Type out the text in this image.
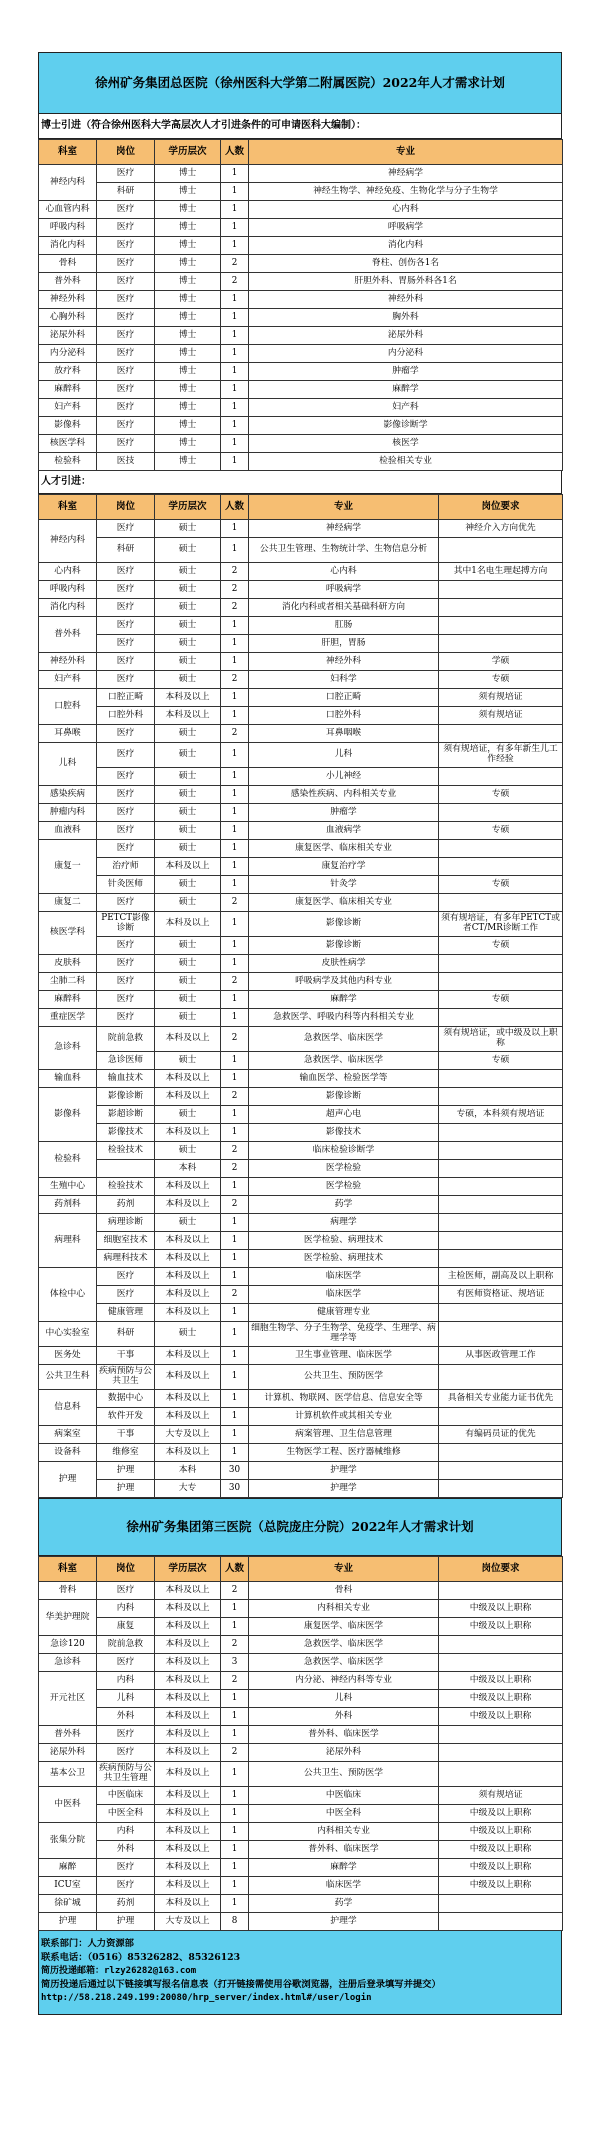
徐州矿务集团总医院（徐州医科大学第二附属医院）2022年人才需求计划
博士引进（符合徐州医科大学高层次人才引进条件的可申请医科大编制）：
科室	岗位	学历层次	人数	专业
神经内科	医疗	博士	1	神经病学
	科研	博士	1	神经生物学、神经免疫、生物化学与分子生物学
心血管内科	医疗	博士	1	心内科
呼吸内科	医疗	博士	1	呼吸病学
消化内科	医疗	博士	1	消化内科
骨科	医疗	博士	2	脊柱、创伤各1名
普外科	医疗	博士	2	肝胆外科、胃肠外科各1名
神经外科	医疗	博士	1	神经外科
心胸外科	医疗	博士	1	胸外科
泌尿外科	医疗	博士	1	泌尿外科
内分泌科	医疗	博士	1	内分泌科
放疗科	医疗	博士	1	肿瘤学
麻醉科	医疗	博士	1	麻醉学
妇产科	医疗	博士	1	妇产科
影像科	医疗	博士	1	影像诊断学
核医学科	医疗	博士	1	核医学
检验科	医技	博士	1	检验相关专业
人才引进：
科室	岗位	学历层次	人数	专业	岗位要求
神经内科	医疗	硕士	1	神经病学	神经介入方向优先
	科研	硕士	1	公共卫生管理、生物统计学、生物信息分析	
心内科	医疗	硕士	2	心内科	其中1名电生理起搏方向
呼吸内科	医疗	硕士	2	呼吸病学	
消化内科	医疗	硕士	2	消化内科或者相关基础科研方向	
普外科	医疗	硕士	1	肛肠	
	医疗	硕士	1	肝胆，胃肠	
神经外科	医疗	硕士	1	神经外科	学硕
妇产科	医疗	硕士	2	妇科学	专硕
口腔科	口腔正畸	本科及以上	1	口腔正畸	须有规培证
	口腔外科	本科及以上	1	口腔外科	须有规培证
耳鼻喉	医疗	硕士	2	耳鼻咽喉	
儿科	医疗	硕士	1	儿科	须有规培证，有多年新生儿工作经验
	医疗	硕士	1	小儿神经	
感染疾病	医疗	硕士	1	感染性疾病、内科相关专业	专硕
肿瘤内科	医疗	硕士	1	肿瘤学	
血液科	医疗	硕士	1	血液病学	专硕
康复一	医疗	硕士	1	康复医学、临床相关专业	
	治疗师	本科及以上	1	康复治疗学	
	针灸医师	硕士	1	针灸学	专硕
康复二	医疗	硕士	2	康复医学、临床相关专业	
核医学科	PETCT影像诊断	本科及以上	1	影像诊断	须有规培证，有多年PETCT或者CT/MR诊断工作
	医疗	硕士	1	影像诊断	专硕
皮肤科	医疗	硕士	1	皮肤性病学	
尘肺二科	医疗	硕士	2	呼吸病学及其他内科专业	
麻醉科	医疗	硕士	1	麻醉学	专硕
重症医学	医疗	硕士	1	急救医学、呼吸内科等内科相关专业	
急诊科	院前急救	本科及以上	2	急救医学、临床医学	须有规培证，或中级及以上职称
	急诊医师	硕士	1	急救医学、临床医学	专硕
输血科	输血技术	本科及以上	1	输血医学、检验医学等	
影像科	影像诊断	本科及以上	2	影像诊断	
	影超诊断	硕士	1	超声心电	专硕，本科须有规培证
	影像技术	本科及以上	1	影像技术	
检验科	检验技术	硕士	2	临床检验诊断学	
		本科	2	医学检验	
生殖中心	检验技术	本科及以上	1	医学检验	
药剂科	药剂	本科及以上	2	药学	
病理科	病理诊断	硕士	1	病理学	
	细胞室技术	本科及以上	1	医学检验、病理技术	
	病理科技术	本科及以上	1	医学检验、病理技术	
体检中心	医疗	本科及以上	1	临床医学	主检医师，副高及以上职称
	医疗	本科及以上	2	临床医学	有医师资格证、规培证
	健康管理	本科及以上	1	健康管理专业	
中心实验室	科研	硕士	1	细胞生物学、分子生物学、免疫学、生理学、病理学等	
医务处	干事	本科及以上	1	卫生事业管理、临床医学	从事医政管理工作
公共卫生科	疾病预防与公共卫生	本科及以上	1	公共卫生、预防医学	
信息科	数据中心	本科及以上	1	计算机、物联网、医学信息、信息安全等	具备相关专业能力证书优先
	软件开发	本科及以上	1	计算机软件或其相关专业	
病案室	干事	大专及以上	1	病案管理、卫生信息管理	有编码员证的优先
设备科	维修室	本科及以上	1	生物医学工程、医疗器械维修	
护理	护理	本科	30	护理学	
	护理	大专	30	护理学	
徐州矿务集团第三医院（总院庞庄分院）2022年人才需求计划
科室	岗位	学历层次	人数	专业	岗位要求
骨科	医疗	本科及以上	2	骨科	
华美护理院	内科	本科及以上	1	内科相关专业	中级及以上职称
	康复	本科及以上	1	康复医学、临床医学	中级及以上职称
急诊120	院前急救	本科及以上	2	急救医学、临床医学	
急诊科	医疗	本科及以上	3	急救医学、临床医学	
开元社区	内科	本科及以上	2	内分泌、神经内科等专业	中级及以上职称
	儿科	本科及以上	1	儿科	中级及以上职称
	外科	本科及以上	1	外科	中级及以上职称
普外科	医疗	本科及以上	1	普外科、临床医学	
泌尿外科	医疗	本科及以上	2	泌尿外科	
基本公卫	疾病预防与公共卫生管理	本科及以上	1	公共卫生、预防医学	
中医科	中医临床	本科及以上	1	中医临床	须有规培证
	中医全科	本科及以上	1	中医全科	中级及以上职称
张集分院	内科	本科及以上	1	内科相关专业	中级及以上职称
	外科	本科及以上	1	普外科、临床医学	中级及以上职称
麻醉	医疗	本科及以上	1	麻醉学	中级及以上职称
ICU室	医疗	本科及以上	1	临床医学	中级及以上职称
徐矿城	药剂	本科及以上	1	药学	
护理	护理	大专及以上	8	护理学	
联系部门：人力资源部
联系电话：（0516）85326282、85326123
简历投递邮箱：rlzy26282@163.com
简历投递后通过以下链接填写报名信息表（打开链接需使用谷歌浏览器，注册后登录填写并提交）
http://58.218.249.199:20080/hrp_server/index.html#/user/login
